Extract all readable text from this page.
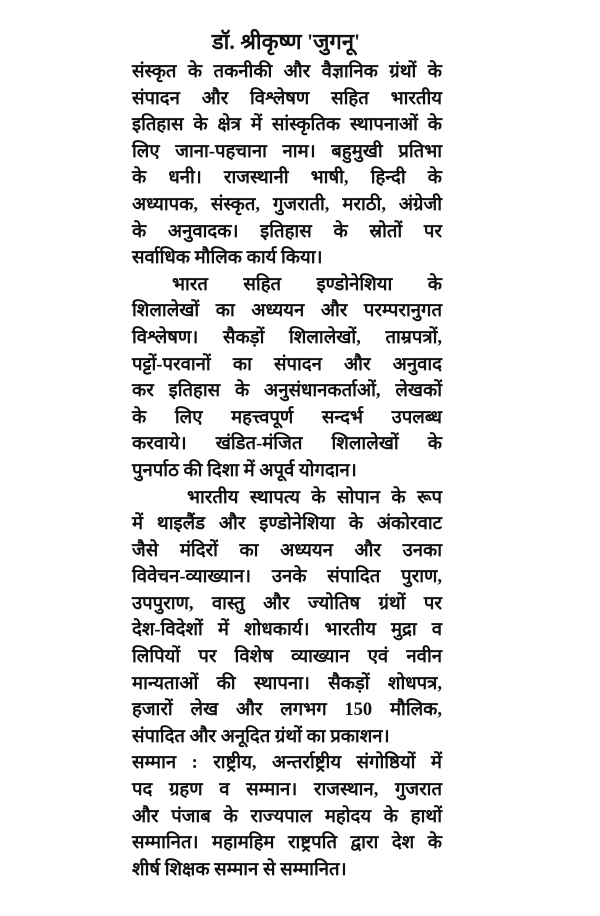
डॉ. श्रीकृष्ण 'जुगनू'
संस्कृत के तकनीकी और वैज्ञानिक ग्रंथों के
संपादन और विश्लेषण सहित भारतीय
इतिहास के क्षेत्र में सांस्कृतिक स्थापनाओं के
लिए जाना-पहचाना नाम। बहुमुखी प्रतिभा
के धनी। राजस्थानी भाषी, हिन्दी के
अध्यापक, संस्कृत, गुजराती, मराठी, अंग्रेजी
के अनुवादक। इतिहास के स्रोतों पर
सर्वाधिक मौलिक कार्य किया।
भारत सहित इण्डोनेशिया के
शिलालेखों का अध्ययन और परम्परानुगत
विश्लेषण। सैकड़ों शिलालेखों, ताम्रपत्रों,
पट्टों-परवानों का संपादन और अनुवाद
कर इतिहास के अनुसंधानकर्ताओं, लेखकों
के लिए महत्त्वपूर्ण सन्दर्भ उपलब्ध
करवाये। खंडित-मंजित शिलालेखों के
पुनर्पाठ की दिशा में अपूर्व योगदान।
भारतीय स्थापत्य के सोपान के रूप
में थाइलैंड और इण्डोनेशिया के अंकोरवाट
जैसे मंदिरों का अध्ययन और उनका
विवेचन-व्याख्यान। उनके संपादित पुराण,
उपपुराण, वास्तु और ज्योतिष ग्रंथों पर
देश-विदेशों में शोधकार्य। भारतीय मुद्रा व
लिपियों पर विशेष व्याख्यान एवं नवीन
मान्यताओं की स्थापना। सैकड़ों शोधपत्र,
हजारों लेख और लगभग 150 मौलिक,
संपादित और अनूदित ग्रंथों का प्रकाशन।
सम्मान : राष्ट्रीय, अन्तर्राष्ट्रीय संगोष्ठियों में
पद ग्रहण व सम्मान। राजस्थान, गुजरात
और पंजाब के राज्यपाल महोदय के हाथों
सम्मानित। महामहिम राष्ट्रपति द्वारा देश के
शीर्ष शिक्षक सम्मान से सम्मानित।
